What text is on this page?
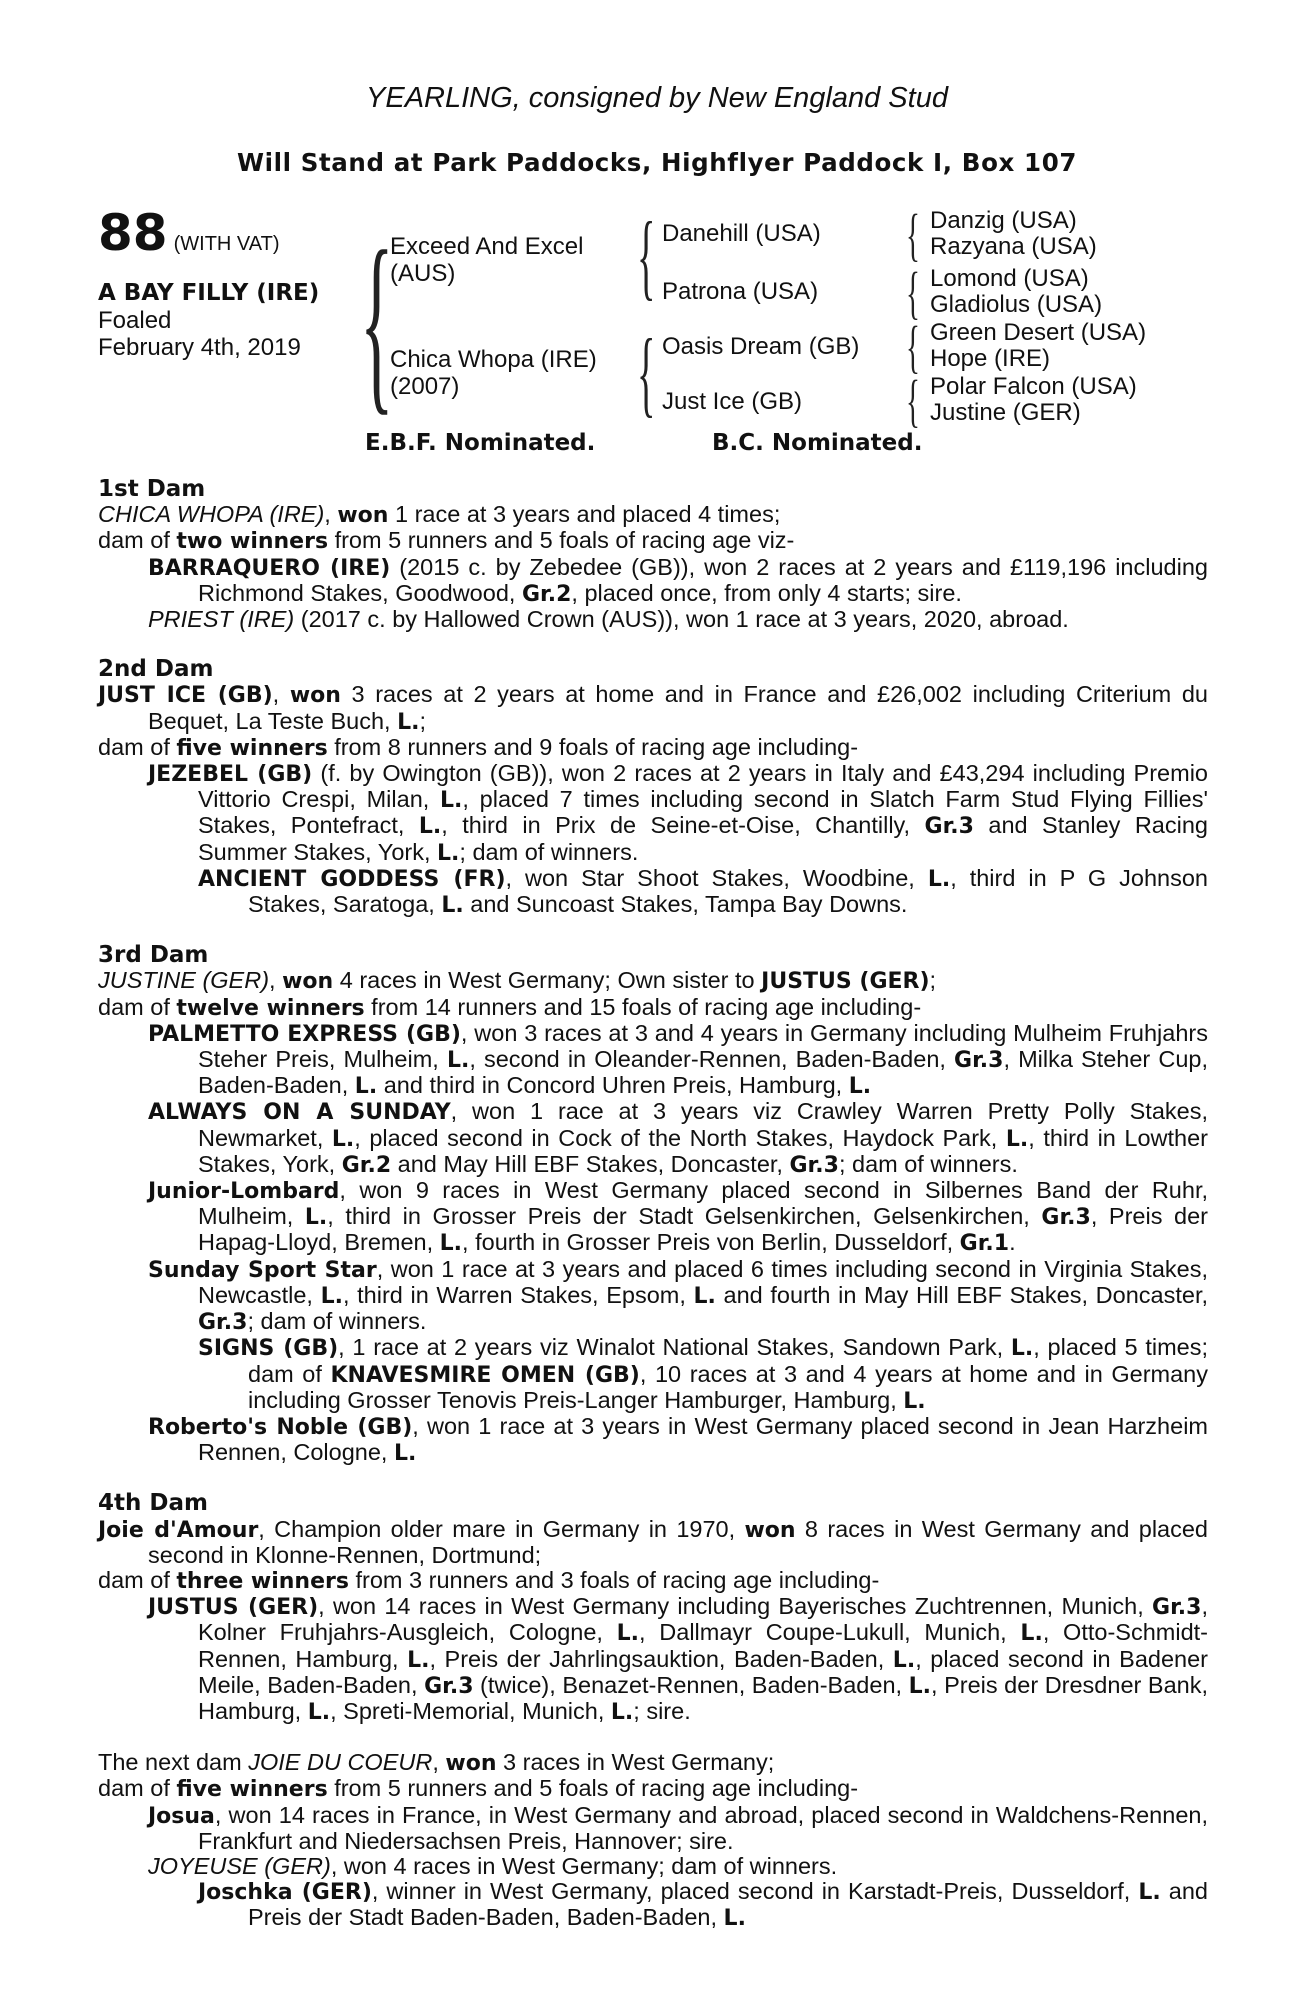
YEARLING, consigned by New England Stud
Will Stand at Park Paddocks, Highflyer Paddock I, Box 107
88 (WITH VAT)
A BAY FILLY (IRE)
Foaled
February 4th, 2019 {
Exceed And Excel
(AUS)
Chica Whopa (IRE)
(2007)
{ Danehill (USA)
Patrona (USA)
{ Oasis Dream (GB)
Just Ice (GB)
{ Danzig (USA)
Razyana (USA)
{ Lomond (USA)
Gladiolus (USA)
{ Green Desert (USA)
Hope (IRE)
{ Polar Falcon (USA)
Justine (GER)
E.B.F. Nominated.	B.C. Nominated.
1st Dam
CHICA WHOPA (IRE), won 1 race at 3 years and placed 4 times;
dam of two winners from 5 runners and 5 foals of racing age viz-
BARRAQUERO (IRE) (2015 c. by Zebedee (GB)), won 2 races at 2 years and £119,196 including Richmond Stakes, Goodwood, Gr.2, placed once, from only 4 starts; sire.
PRIEST (IRE) (2017 c. by Hallowed Crown (AUS)), won 1 race at 3 years, 2020, abroad.
2nd Dam
JUST ICE (GB), won 3 races at 2 years at home and in France and £26,002 including Criterium du Bequet, La Teste Buch, L.;
dam of five winners from 8 runners and 9 foals of racing age including-
JEZEBEL (GB) (f. by Owington (GB)), won 2 races at 2 years in Italy and £43,294 including Premio Vittorio Crespi, Milan, L., placed 7 times including second in Slatch Farm Stud Flying Fillies' Stakes, Pontefract, L., third in Prix de Seine-et-Oise, Chantilly, Gr.3 and Stanley Racing Summer Stakes, York, L.; dam of winners.
ANCIENT GODDESS (FR), won Star Shoot Stakes, Woodbine, L., third in P G Johnson Stakes, Saratoga, L. and Suncoast Stakes, Tampa Bay Downs.
3rd Dam
JUSTINE (GER), won 4 races in West Germany; Own sister to JUSTUS (GER);
dam of twelve winners from 14 runners and 15 foals of racing age including-
PALMETTO EXPRESS (GB), won 3 races at 3 and 4 years in Germany including Mulheim Fruhjahrs Steher Preis, Mulheim, L., second in Oleander-Rennen, Baden-Baden, Gr.3, Milka Steher Cup, Baden-Baden, L. and third in Concord Uhren Preis, Hamburg, L.
ALWAYS ON A SUNDAY, won 1 race at 3 years viz Crawley Warren Pretty Polly Stakes, Newmarket, L., placed second in Cock of the North Stakes, Haydock Park, L., third in Lowther Stakes, York, Gr.2 and May Hill EBF Stakes, Doncaster, Gr.3; dam of winners.
Junior-Lombard, won 9 races in West Germany placed second in Silbernes Band der Ruhr, Mulheim, L., third in Grosser Preis der Stadt Gelsenkirchen, Gelsenkirchen, Gr.3, Preis der Hapag-Lloyd, Bremen, L., fourth in Grosser Preis von Berlin, Dusseldorf, Gr.1.
Sunday Sport Star, won 1 race at 3 years and placed 6 times including second in Virginia Stakes, Newcastle, L., third in Warren Stakes, Epsom, L. and fourth in May Hill EBF Stakes, Doncaster, Gr.3; dam of winners.
SIGNS (GB), 1 race at 2 years viz Winalot National Stakes, Sandown Park, L., placed 5 times; dam of KNAVESMIRE OMEN (GB), 10 races at 3 and 4 years at home and in Germany including Grosser Tenovis Preis-Langer Hamburger, Hamburg, L.
Roberto's Noble (GB), won 1 race at 3 years in West Germany placed second in Jean Harzheim Rennen, Cologne, L.
4th Dam
Joie d'Amour, Champion older mare in Germany in 1970, won 8 races in West Germany and placed second in Klonne-Rennen, Dortmund;
dam of three winners from 3 runners and 3 foals of racing age including-
JUSTUS (GER), won 14 races in West Germany including Bayerisches Zuchtrennen, Munich, Gr.3, Kolner Fruhjahrs-Ausgleich, Cologne, L., Dallmayr Coupe-Lukull, Munich, L., Otto-Schmidt-Rennen, Hamburg, L., Preis der Jahrlingsauktion, Baden-Baden, L., placed second in Badener Meile, Baden-Baden, Gr.3 (twice), Benazet-Rennen, Baden-Baden, L., Preis der Dresdner Bank, Hamburg, L., Spreti-Memorial, Munich, L.; sire.
The next dam JOIE DU COEUR, won 3 races in West Germany;
dam of five winners from 5 runners and 5 foals of racing age including-
Josua, won 14 races in France, in West Germany and abroad, placed second in Waldchens-Rennen, Frankfurt and Niedersachsen Preis, Hannover; sire.
JOYEUSE (GER), won 4 races in West Germany; dam of winners.
Joschka (GER), winner in West Germany, placed second in Karstadt-Preis, Dusseldorf, L. and Preis der Stadt Baden-Baden, Baden-Baden, L.
